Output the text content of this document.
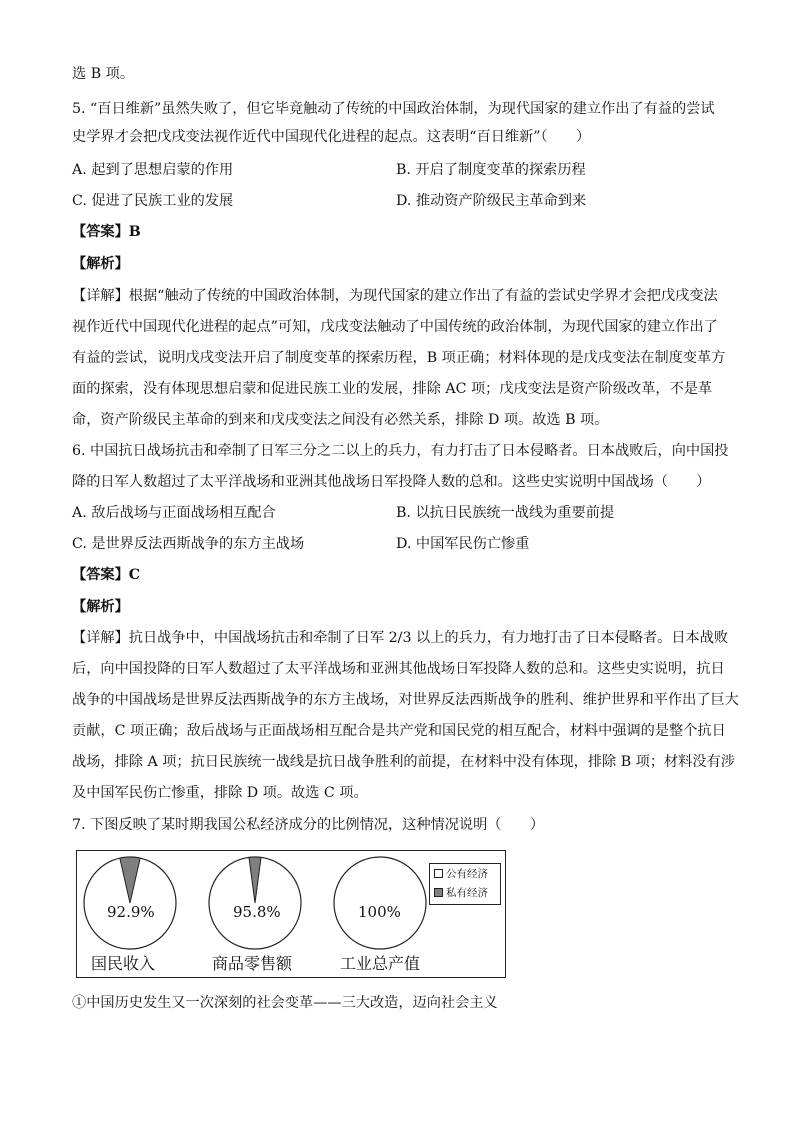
选 B 项。
5. “百日维新”虽然失败了，但它毕竟触动了传统的中国政治体制，为现代国家的建立作出了有益的尝试
史学界才会把戊戌变法视作近代中国现代化进程的起点。这表明“百日维新”（　　）
A. 起到了思想启蒙的作用	B. 开启了制度变革的探索历程
C. 促进了民族工业的发展	D. 推动资产阶级民主革命到来
【答案】B
【解析】
【详解】根据“触动了传统的中国政治体制，为现代国家的建立作出了有益的尝试史学界才会把戊戌变法
视作近代中国现代化进程的起点”可知，戊戌变法触动了中国传统的政治体制，为现代国家的建立作出了
有益的尝试，说明戊戌变法开启了制度变革的探索历程，B 项正确；材料体现的是戊戌变法在制度变革方
面的探索，没有体现思想启蒙和促进民族工业的发展，排除 AC 项；戊戌变法是资产阶级改革，不是革
命，资产阶级民主革命的到来和戊戌变法之间没有必然关系，排除 D 项。故选 B 项。
6. 中国抗日战场抗击和牵制了日军三分之二以上的兵力，有力打击了日本侵略者。日本战败后，向中国投
降的日军人数超过了太平洋战场和亚洲其他战场日军投降人数的总和。这些史实说明中国战场（　　）
A. 敌后战场与正面战场相互配合	B. 以抗日民族统一战线为重要前提
C. 是世界反法西斯战争的东方主战场	D. 中国军民伤亡惨重
【答案】C
【解析】
【详解】抗日战争中，中国战场抗击和牵制了日军 2/3 以上的兵力，有力地打击了日本侵略者。日本战败
后，向中国投降的日军人数超过了太平洋战场和亚洲其他战场日军投降人数的总和。这些史实说明，抗日
战争的中国战场是世界反法西斯战争的东方主战场，对世界反法西斯战争的胜利、维护世界和平作出了巨大
贡献，C 项正确；敌后战场与正面战场相互配合是共产党和国民党的相互配合，材料中强调的是整个抗日
战场，排除 A 项；抗日民族统一战线是抗日战争胜利的前提，在材料中没有体现，排除 B 项；材料没有涉
及中国军民伤亡惨重，排除 D 项。故选 C 项。
7. 下图反映了某时期我国公私经济成分的比例情况，这种情况说明（　　）
92.9%	95.8%	100%
国民收入	商品零售额	工业总产值
公有经济
私有经济
①中国历史发生又一次深刻的社会变革——三大改造，迈向社会主义
